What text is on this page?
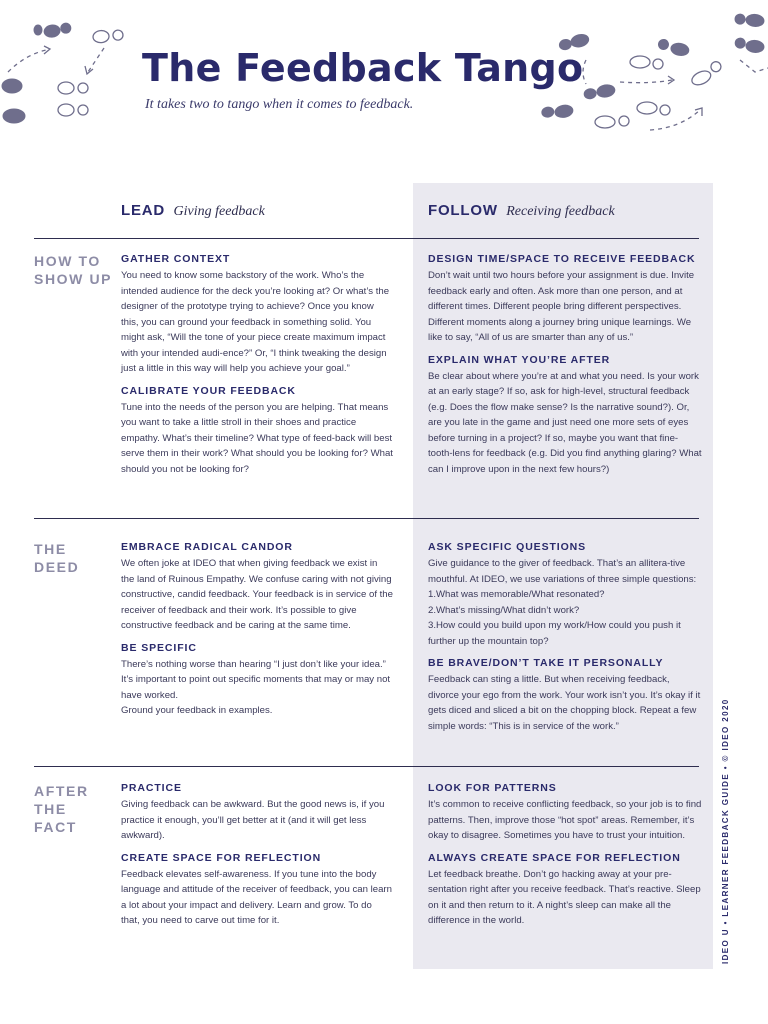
The Feedback Tango
It takes two to tango when it comes to feedback.
LEAD Giving feedback	FOLLOW Receiving feedback
HOW TO SHOW UP
GATHER CONTEXT

You need to know some backstory of the work. Who’s the intended audience for the deck you’re looking at? Or what’s the designer of the prototype trying to achieve? Once you know this, you can ground your feedback in something solid. You might ask, “Will the tone of your piece create maximum impact with your intended audi-ence?” Or, “I think tweaking the design just a little in this way will help you achieve your goal.”

CALIBRATE YOUR FEEDBACK

Tune into the needs of the person you are helping. That means you want to take a little stroll in their shoes and practice empathy. What’s their timeline? What type of feed-back will best serve them in their work? What should you be looking for? What should you not be looking for?

DESIGN TIME/SPACE TO RECEIVE FEEDBACK

Don’t wait until two hours before your assignment is due. Invite feedback early and often. Ask more than one person, and at different times. Different people bring different perspectives. Different moments along a journey bring unique learnings. We like to say, “All of us are smarter than any of us.”

EXPLAIN WHAT YOU’RE AFTER

Be clear about where you’re at and what you need. Is your work at an early stage? If so, ask for high-level, structural feedback (e.g. Does the flow make sense? Is the narrative sound?). Or, are you late in the game and just need one more sets of eyes before turning in a project? If so, maybe you want that fine-tooth-lens for feedback (e.g. Did you find anything glaring? What can I improve upon in the next few hours?)

THE DEED
EMBRACE RADICAL CANDOR

We often joke at IDEO that when giving feedback we exist in the land of Ruinous Empathy. We confuse caring with not giving constructive, candid feedback. Your feedback is in service of the receiver of feedback and their work. It’s possible to give constructive feedback and be caring at the same time.

BE SPECIFIC

There’s nothing worse than hearing “I just don’t like your idea.” It’s important to point out specific moments that may or may not have worked.
Ground your feedback in examples.

ASK SPECIFIC QUESTIONS

Give guidance to the giver of feedback. That’s an allitera-tive mouthful. At IDEO, we use variations of three simple questions:
1.What was memorable/What resonated?
2.What’s missing/What didn’t work?
3.How could you build upon my work/How could you push it further up the mountain top?

BE BRAVE/DON’T TAKE IT PERSONALLY

Feedback can sting a little. But when receiving feedback, divorce your ego from the work. Your work isn’t you. It’s okay if it gets diced and sliced a bit on the chopping block. Repeat a few simple words: “This is in service of the work.”

AFTER THE FACT
PRACTICE

Giving feedback can be awkward. But the good news is, if you practice it enough, you’ll get better at it (and it will get less awkward).

CREATE SPACE FOR REFLECTION

Feedback elevates self-awareness. If you tune into the body language and attitude of the receiver of feedback, you can learn a lot about your impact and delivery. Learn and grow. To do that, you need to carve out time for it.

LOOK FOR PATTERNS

It’s common to receive conflicting feedback, so your job is to find patterns. Then, improve those “hot spot” areas. Remember, it’s okay to disagree. Sometimes you have to trust your intuition.

ALWAYS CREATE SPACE FOR REFLECTION

Let feedback breathe. Don’t go hacking away at your pre-sentation right after you receive feedback. That’s reactive. Sleep on it and then return to it. A night’s sleep can make all the difference in the world.	IDEO U • LEARNER FEEDBACK GUIDE • © IDEO 2020
